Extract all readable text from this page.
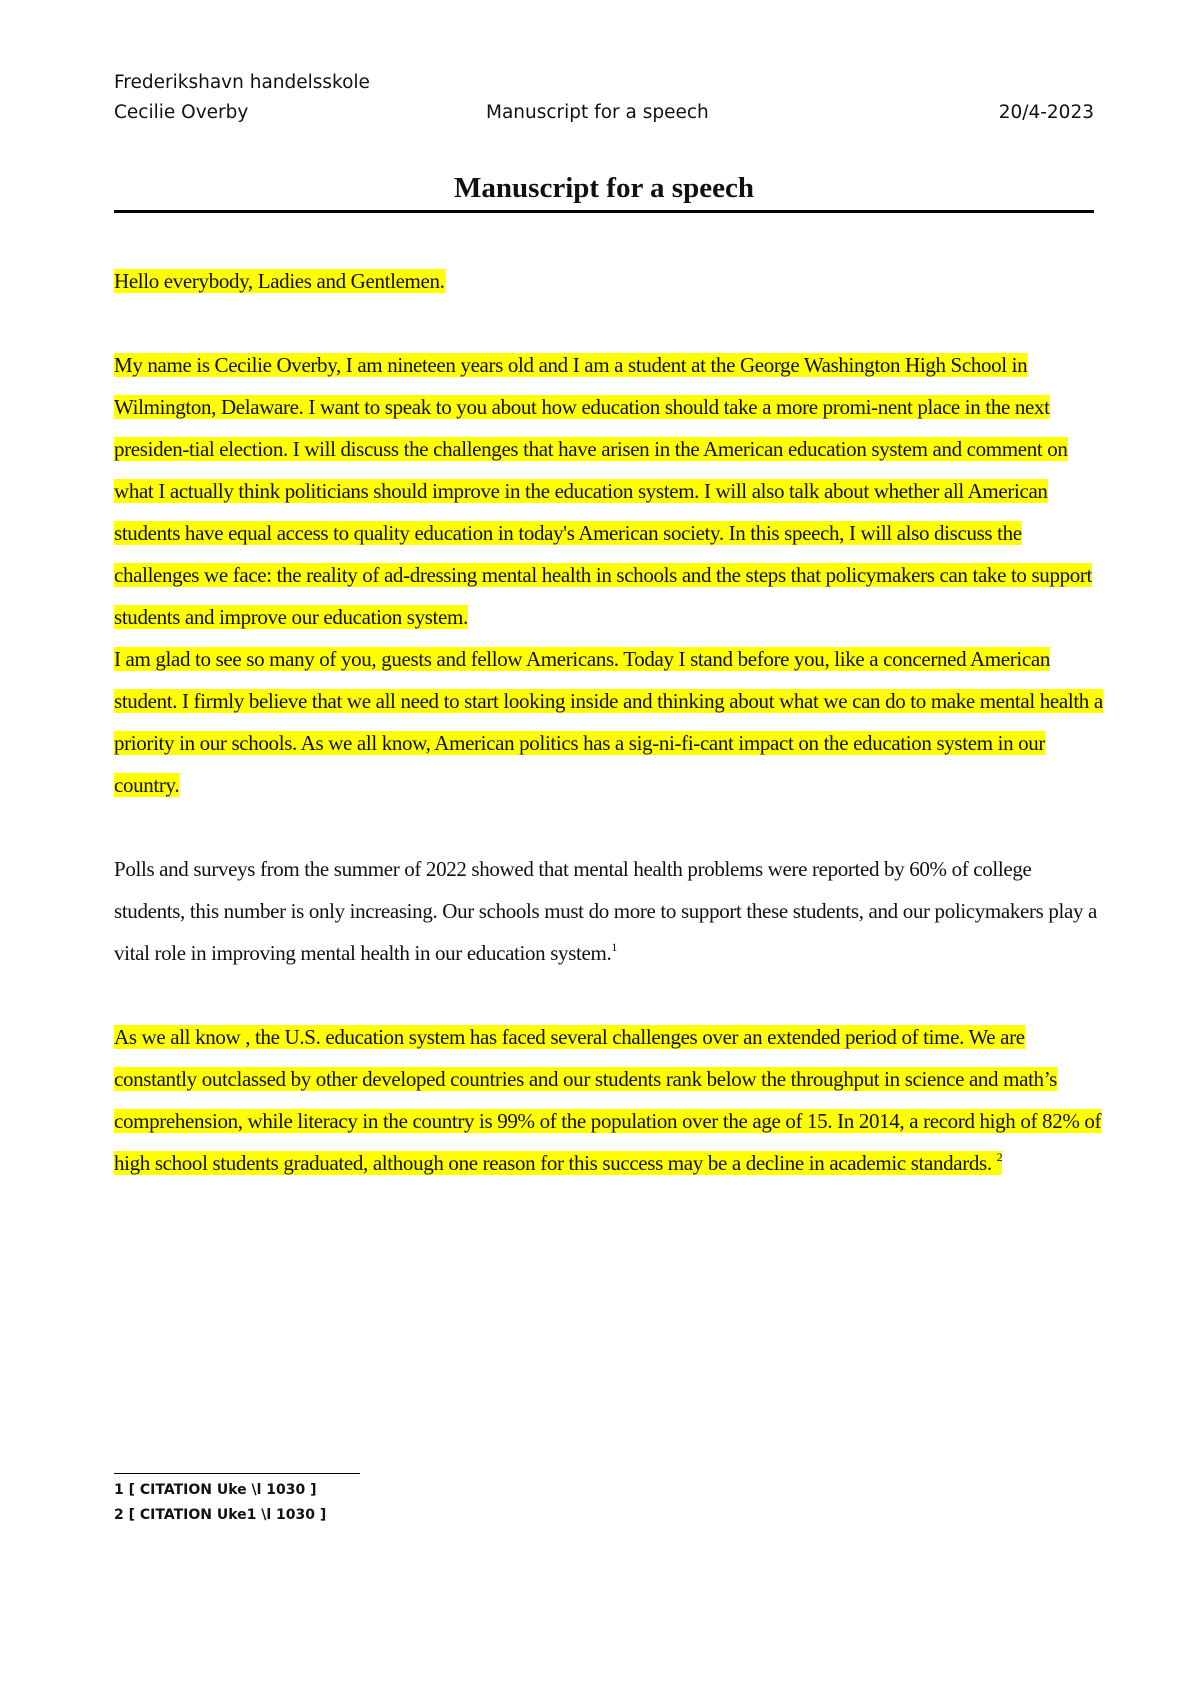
Frederikshavn handelsskole
Cecilie Overby	Manuscript for a speech	20/4-2023
Manuscript for a speech

Hello everybody, Ladies and Gentlemen.

My name is Cecilie Overby, I am nineteen years old and I am a student at the George Washington High School in Wilmington, Delaware. I want to speak to you about how education should take a more promi-nent place in the next presiden-tial election. I will discuss the challenges that have arisen in the American education system and comment on what I actually think politicians should improve in the education system. I will also talk about whether all American students have equal access to quality education in today's American society. In this speech, I will also discuss the challenges we face: the reality of ad-dressing mental health in schools and the steps that policymakers can take to support students and improve our education system.

I am glad to see so many of you, guests and fellow Americans. Today I stand before you, like a concerned American student. I firmly believe that we all need to start looking inside and thinking about what we can do to make mental health a priority in our schools. As we all know, American politics has a sig-ni-fi-cant impact on the education system in our country.

Polls and surveys from the summer of 2022 showed that mental health problems were reported by 60% of college students, this number is only increasing. Our schools must do more to support these students, and our policymakers play a vital role in improving mental health in our education system.$^1$

As we all know , the U.S. education system has faced several challenges over an extended period of time. We are constantly outclassed by other developed countries and our students rank below the throughput in science and math’s comprehension, while literacy in the country is 99% of the population over the age of 15. In 2014, a record high of 82% of high school students graduated, although one reason for this success may be a decline in academic standards. $^2$

1 [ CITATION Uke \l 1030 ]
2 [ CITATION Uke1 \l 1030 ]
